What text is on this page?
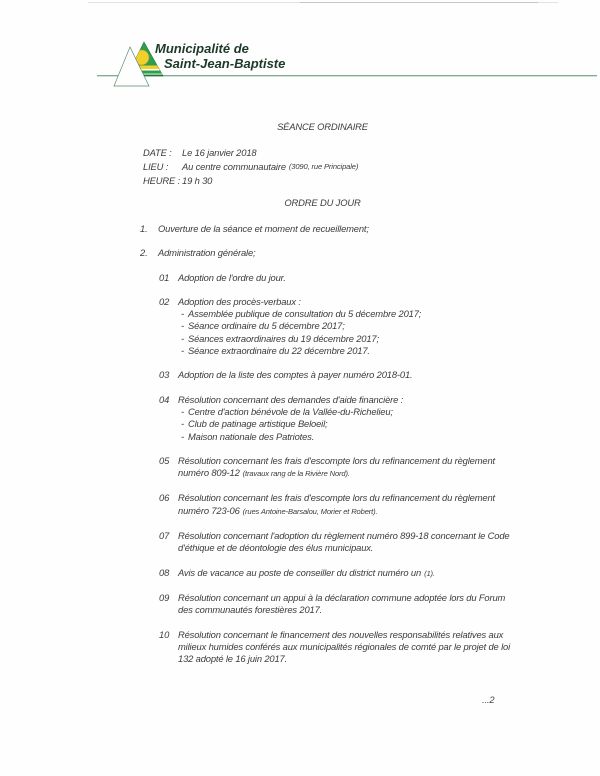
Municipalité de
Saint-Jean-Baptiste
SÉANCE ORDINAIRE
DATE :	Le 16 janvier 2018
LIEU :	Au centre communautaire (3090, rue Principale)
HEURE : 19 h 30
ORDRE DU JOUR
1.	Ouverture de la séance et moment de recueillement;
2.	Administration générale;
01 Adoption de l'ordre du jour.
02 Adoption des procès-verbaux :
- Assemblée publique de consultation du 5 décembre 2017;
- Séance ordinaire du 5 décembre 2017;
- Séances extraordinaires du 19 décembre 2017;
- Séance extraordinaire du 22 décembre 2017.
03 Adoption de la liste des comptes à payer numéro 2018-01.
04 Résolution concernant des demandes d'aide financière :
- Centre d'action bénévole de la Vallée-du-Richelieu;
- Club de patinage artistique Beloeil;
- Maison nationale des Patriotes.
05 Résolution concernant les frais d'escompte lors du refinancement du règlement
numéro 809-12 (travaux rang de la Rivière Nord).
06 Résolution concernant les frais d'escompte lors du refinancement du règlement
numéro 723-06 (rues Antoine-Barsalou, Morier et Robert).
07 Résolution concernant l'adoption du règlement numéro 899-18 concernant le Code
d'éthique et de déontologie des élus municipaux.
08 Avis de vacance au poste de conseiller du district numéro un (1).
09 Résolution concernant un appui à la déclaration commune adoptée lors du Forum
des communautés forestières 2017.
10 Résolution concernant le financement des nouvelles responsabilités relatives aux
milieux humides conférés aux municipalités régionales de comté par le projet de loi
132 adopté le 16 juin 2017.
...2
